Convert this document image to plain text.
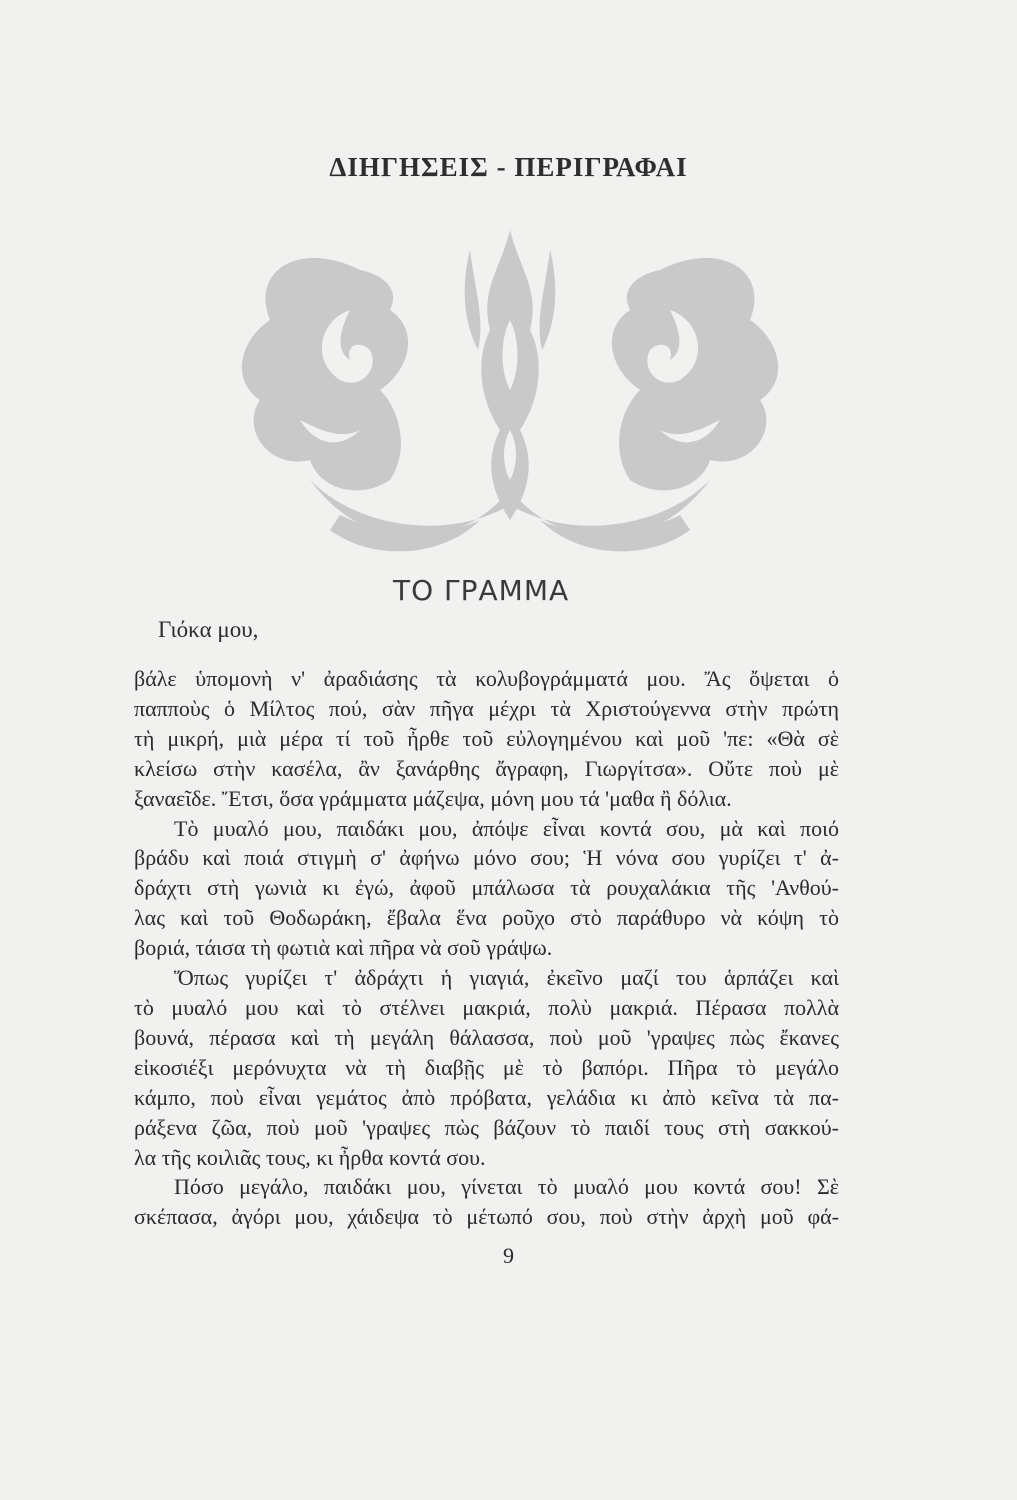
ΔΙΗΓΗΣΕΙΣ - ΠΕΡΙΓΡΑΦΑΙ
ΤΟ ΓΡΑΜΜΑ
Γιόκα μου,
βάλε ὑπομονὴ ν' ἀραδιάσης τὰ κολυβογράμματά μου. Ἄς ὄψεται ὁ
παπποὺς ὁ Μίλτος πού, σὰν πῆγα μέχρι τὰ Χριστούγεννα στὴν πρώτη
τὴ μικρή, μιὰ μέρα τί τοῦ ἦρθε τοῦ εὐλογημένου καὶ μοῦ 'πε: «Θὰ σὲ
κλείσω στὴν κασέλα, ἂν ξανάρθης ἄγραφη, Γιωργίτσα». Οὔτε ποὺ μὲ
ξαναεῖδε. Ἔτσι, ὅσα γράμματα μάζεψα, μόνη μου τά 'μαθα ἢ δόλια.
Τὸ μυαλό μου, παιδάκι μου, ἀπόψε εἶναι κοντά σου, μὰ καὶ ποιό
βράδυ καὶ ποιά στιγμὴ σ' ἀφήνω μόνο σου; Ἡ νόνα σου γυρίζει τ' ἀ-
δράχτι στὴ γωνιὰ κι ἐγώ, ἀφοῦ μπάλωσα τὰ ρουχαλάκια τῆς 'Ανθού-
λας καὶ τοῦ Θοδωράκη, ἔβαλα ἕνα ροῦχο στὸ παράθυρο νὰ κόψη τὸ
βοριά, τάισα τὴ φωτιὰ καὶ πῆρα νὰ σοῦ γράψω.
Ὅπως γυρίζει τ' ἀδράχτι ἡ γιαγιά, ἐκεῖνο μαζί του ἁρπάζει καὶ
τὸ μυαλό μου καὶ τὸ στέλνει μακριά, πολὺ μακριά. Πέρασα πολλὰ
βουνά, πέρασα καὶ τὴ μεγάλη θάλασσα, ποὺ μοῦ 'γραψες πὼς ἔκανες
εἰκοσιέξι μερόνυχτα νὰ τὴ διαβῇς μὲ τὸ βαπόρι. Πῆρα τὸ μεγάλο
κάμπο, ποὺ εἶναι γεμάτος ἀπὸ πρόβατα, γελάδια κι ἀπὸ κεῖνα τὰ πα-
ράξενα ζῶα, ποὺ μοῦ 'γραψες πὼς βάζουν τὸ παιδί τους στὴ σακκού-
λα τῆς κοιλιᾶς τους, κι ἦρθα κοντά σου.
Πόσο μεγάλο, παιδάκι μου, γίνεται τὸ μυαλό μου κοντά σου! Σὲ
σκέπασα, ἀγόρι μου, χάιδεψα τὸ μέτωπό σου, ποὺ στὴν ἀρχὴ μοῦ φά-
9
